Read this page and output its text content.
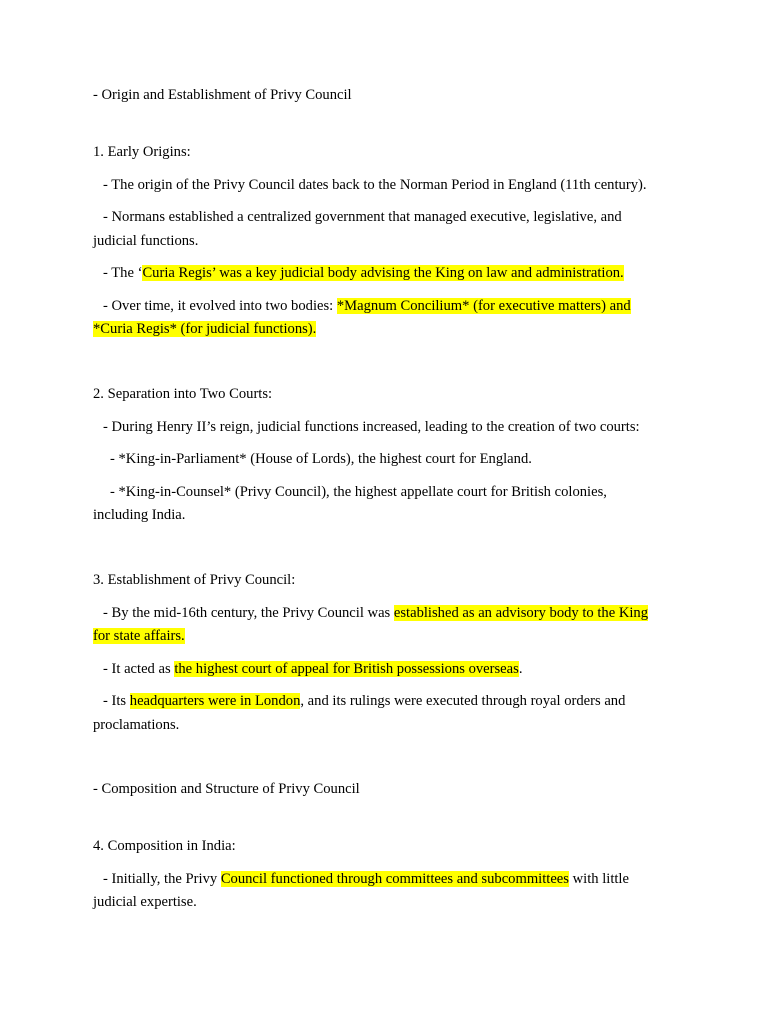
- Origin and Establishment of Privy Council

1. Early Origins:

- The origin of the Privy Council dates back to the Norman Period in England (11th century).

- Normans established a centralized government that managed executive, legislative, and judicial functions.

- The ‘Curia Regis’ was a key judicial body advising the King on law and administration.

- Over time, it evolved into two bodies: *Magnum Concilium* (for executive matters) and *Curia Regis* (for judicial functions).

2. Separation into Two Courts:

- During Henry II’s reign, judicial functions increased, leading to the creation of two courts:

- *King-in-Parliament* (House of Lords), the highest court for England.

- *King-in-Counsel* (Privy Council), the highest appellate court for British colonies, including India.

3. Establishment of Privy Council:

- By the mid-16th century, the Privy Council was established as an advisory body to the King for state affairs.

- It acted as the highest court of appeal for British possessions overseas.

- Its headquarters were in London, and its rulings were executed through royal orders and proclamations.

- Composition and Structure of Privy Council

4. Composition in India:

- Initially, the Privy Council functioned through committees and subcommittees with little judicial expertise.
